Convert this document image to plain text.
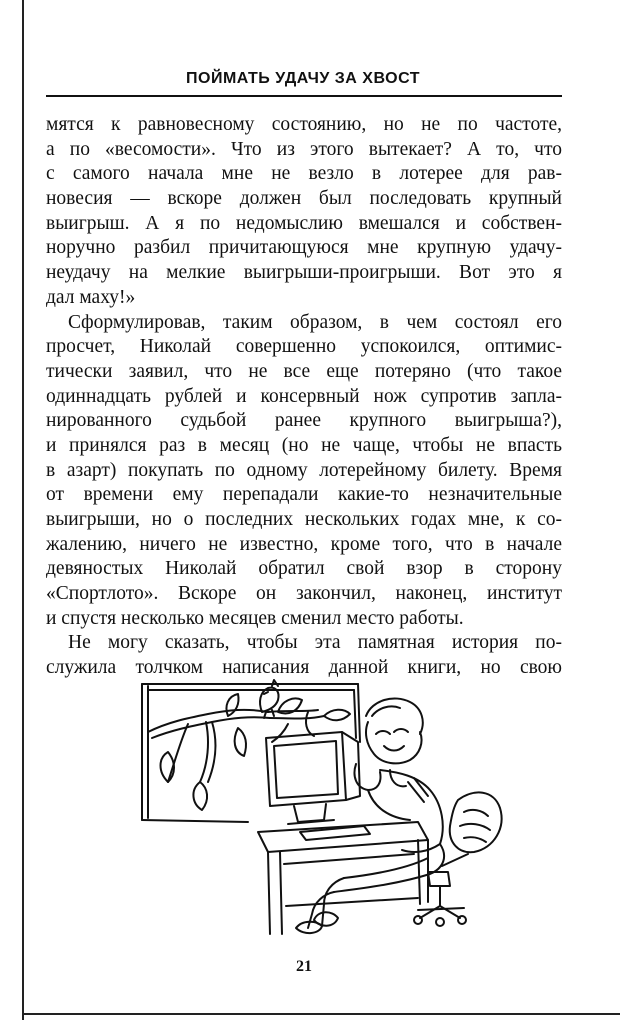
ПОЙМАТЬ УДАЧУ ЗА ХВОСТ
мятся к равновесному состоянию, но не по частоте,
а по «весомости». Что из этого вытекает? А то, что
с самого начала мне не везло в лотерее для рав-
новесия — вскоре должен был последовать крупный
выигрыш. А я по недомыслию вмешался и собствен-
норучно разбил причитающуюся мне крупную удачу-
неудачу на мелкие выигрыши-проигрыши. Вот это я
дал маху!»
Сформулировав, таким образом, в чем состоял его
просчет, Николай совершенно успокоился, оптимис-
тически заявил, что не все еще потеряно (что такое
одиннадцать рублей и консервный нож супротив запла-
нированного судьбой ранее крупного выигрыша?),
и принялся раз в месяц (но не чаще, чтобы не впасть
в азарт) покупать по одному лотерейному билету. Время
от времени ему перепадали какие-то незначительные
выигрыши, но о последних нескольких годах мне, к со-
жалению, ничего не известно, кроме того, что в начале
девяностых Николай обратил свой взор в сторону
«Спортлото». Вскоре он закончил, наконец, институт
и спустя несколько месяцев сменил место работы.
Не могу сказать, чтобы эта памятная история по-
служила толчком написания данной книги, но свою
21
